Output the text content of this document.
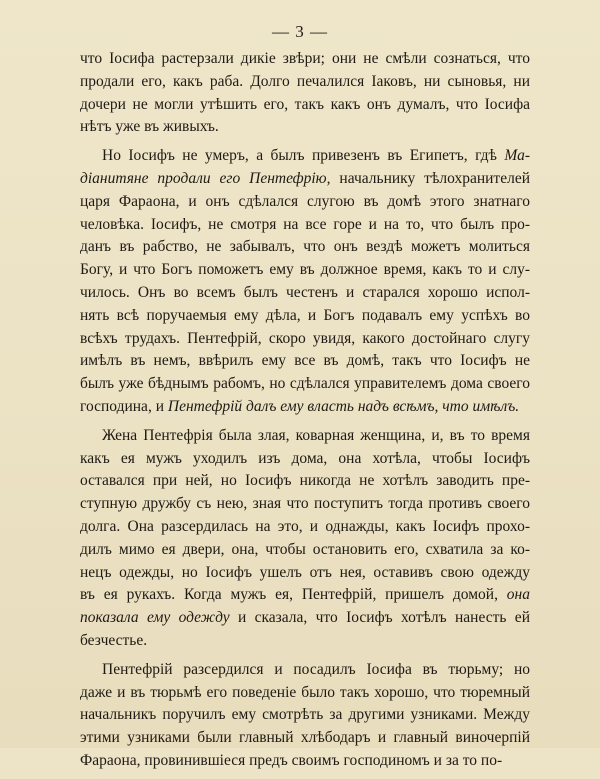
— 3 —
что Іосифа растерзали дикіе звѣри; они не смѣли сознаться, что
продали его, какъ раба. Долго печалился Іаковъ, ни сыновья, ни
дочери не могли утѣшить его, такъ какъ онъ думалъ, что Іосифа
нѣтъ уже въ живыхъ.
Но Іосифъ не умеръ, а былъ привезенъ въ Египетъ, гдѣ Ма-
діанитяне продали его Пентефрію, начальнику тѣлохранителей
царя Фараона, и онъ сдѣлался слугою въ домѣ этого знатнаго
человѣка. Іосифъ, не смотря на все горе и на то, что былъ про-
данъ въ рабство, не забывалъ, что онъ вездѣ можетъ молиться
Богу, и что Богъ поможетъ ему въ должное время, какъ то и слу-
чилось. Онъ во всемъ былъ честенъ и старался хорошо испол-
нять всѣ поручаемыя ему дѣла, и Богъ подавалъ ему успѣхъ во
всѣхъ трудахъ. Пентефрій, скоро увидя, какого достойнаго слугу
имѣлъ въ немъ, ввѣрилъ ему все въ домѣ, такъ что Іосифъ не
былъ уже бѣднымъ рабомъ, но сдѣлался управителемъ дома своего
господина, и Пентефрій далъ ему власть надъ всѣмъ, что имѣлъ.
Жена Пентефрія была злая, коварная женщина, и, въ то время
какъ ея мужъ уходилъ изъ дома, она хотѣла, чтобы Іосифъ
оставался при ней, но Іосифъ никогда не хотѣлъ заводить пре-
ступную дружбу съ нею, зная что поступитъ тогда противъ своего
долга. Она разсердилась на это, и однажды, какъ Іосифъ прохо-
дилъ мимо ея двери, она, чтобы остановить его, схватила за ко-
нецъ одежды, но Іосифъ ушелъ отъ нея, оставивъ свою одежду
въ ея рукахъ. Когда мужъ ея, Пентефрій, пришелъ домой, она
показала ему одежду и сказала, что Іосифъ хотѣлъ нанесть ей
безчестье.
Пентефрій разсердился и посадилъ Іосифа въ тюрьму; но
даже и въ тюрьмѣ его поведеніе было такъ хорошо, что тюремный
начальникъ поручилъ ему смотрѣть за другими узниками. Между
этими узниками были главный хлѣбодаръ и главный виночерпій
Фараона, провинившіеся предъ своимъ господиномъ и за то по-
